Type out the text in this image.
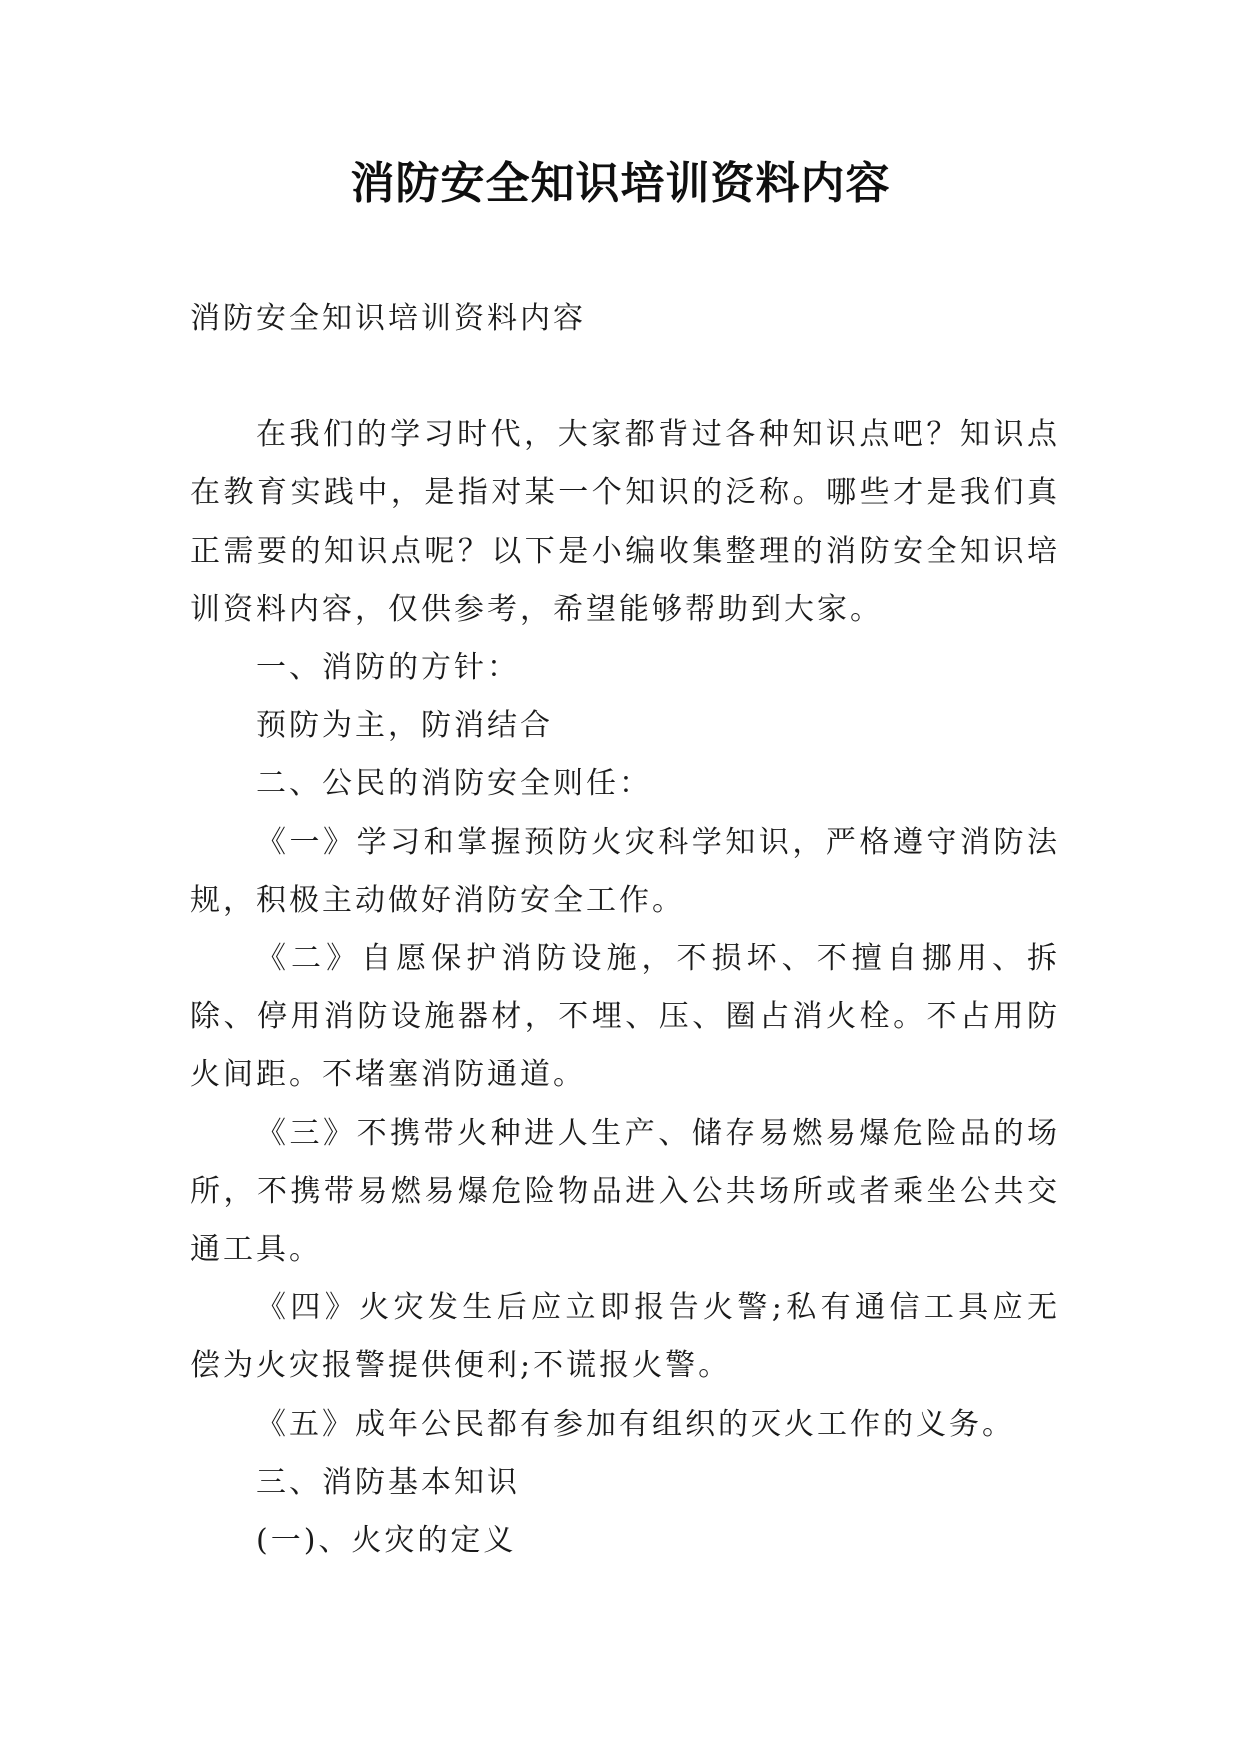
消防安全知识培训资料内容

消防安全知识培训资料内容

在我们的学习时代，大家都背过各种知识点吧？知识点在教育实践中，是指对某一个知识的泛称。哪些才是我们真正需要的知识点呢？以下是小编收集整理的消防安全知识培训资料内容，仅供参考，希望能够帮助到大家。

一、消防的方针：

预防为主，防消结合

二、公民的消防安全则任：

《一》学习和掌握预防火灾科学知识，严格遵守消防法规，积极主动做好消防安全工作。

《二》自愿保护消防设施，不损坏、不擅自挪用、拆除、停用消防设施器材，不埋、压、圈占消火栓。不占用防火间距。不堵塞消防通道。

《三》不携带火种进人生产、储存易燃易爆危险品的场所，不携带易燃易爆危险物品进入公共场所或者乘坐公共交通工具。

《四》火灾发生后应立即报告火警;私有通信工具应无偿为火灾报警提供便利;不谎报火警。

《五》成年公民都有参加有组织的灭火工作的义务。

三、消防基本知识

(一)、火灾的定义
